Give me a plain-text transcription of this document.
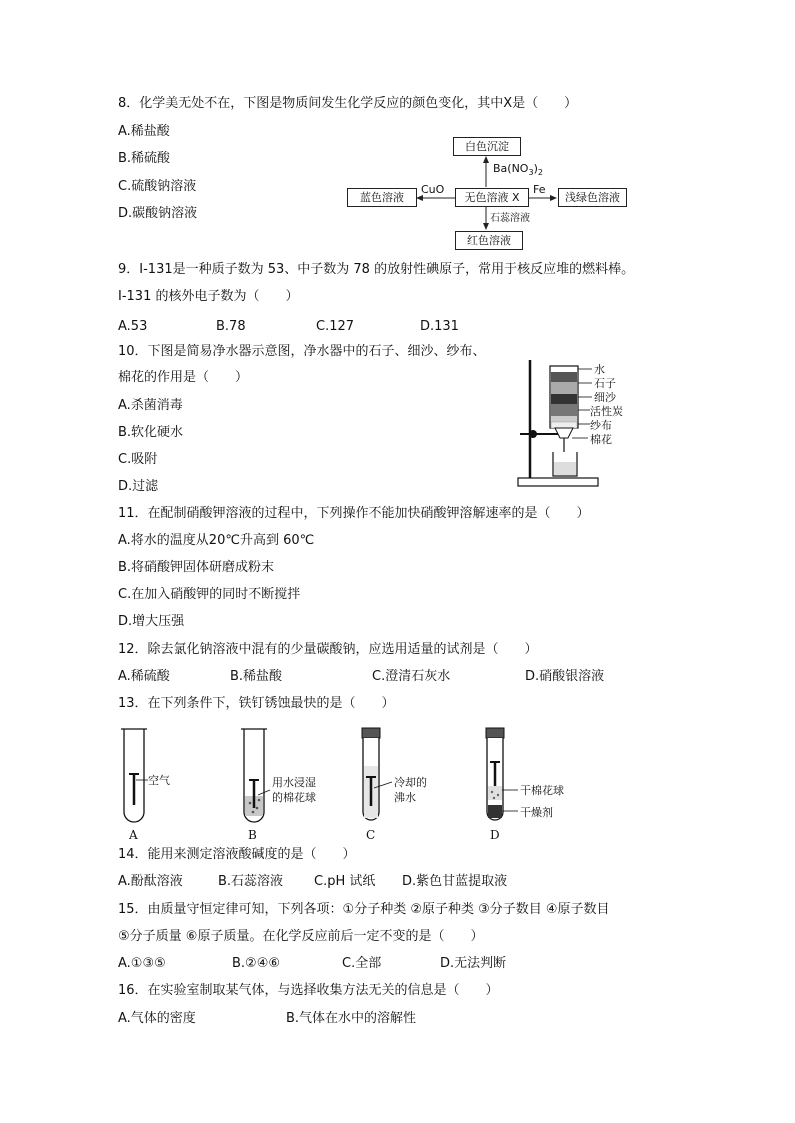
8．化学美无处不在，下图是物质间发生化学反应的颜色变化，其中X是（　　）
A.稀盐酸
B.稀硫酸
C.硫酸钠溶液
D.碳酸钠溶液
白色沉淀
$Ba(NO_3)_2$
蓝色溶液
CuO
无色溶液 X
Fe
浅绿色溶液
石蕊溶液
红色溶液
9．I-131是一种质子数为 53、中子数为 78 的放射性碘原子，常用于核反应堆的燃料棒。
I-131 的核外电子数为（　　）
A.53	B.78	C.127	D.131
10．下图是简易净水器示意图，净水器中的石子、细沙、纱布、
棉花的作用是（　　）
A.杀菌消毒
B.软化硬水
C.吸附
D.过滤
水
石子
细沙
活性炭
纱布
棉花
11．在配制硝酸钾溶液的过程中，下列操作不能加快硝酸钾溶解速率的是（　　）
A.将水的温度从20℃升高到 60℃
B.将硝酸钾固体研磨成粉末
C.在加入硝酸钾的同时不断搅拌
D.增大压强
12．除去氯化钠溶液中混有的少量碳酸钠，应选用适量的试剂是（　　）
A.稀硫酸	B.稀盐酸	C.澄清石灰水	D.硝酸银溶液
13．在下列条件下，铁钉锈蚀最快的是（　　）
空气	用水浸湿
的棉花球
冷却的
沸水
干棉花球
干燥剂
A	B	C	D
14．能用来测定溶液酸碱度的是（　　）
A.酚酞溶液	B.石蕊溶液 C.pH 试纸 D.紫色甘蓝提取液
15．由质量守恒定律可知，下列各项：①分子种类 ②原子种类 ③分子数目 ④原子数目
⑤分子质量 ⑥原子质量。在化学反应前后一定不变的是（　　）
A.①③⑤	B.②④⑥	C.全部	D.无法判断
16．在实验室制取某气体，与选择收集方法无关的信息是（　　）
A.气体的密度	B.气体在水中的溶解性
